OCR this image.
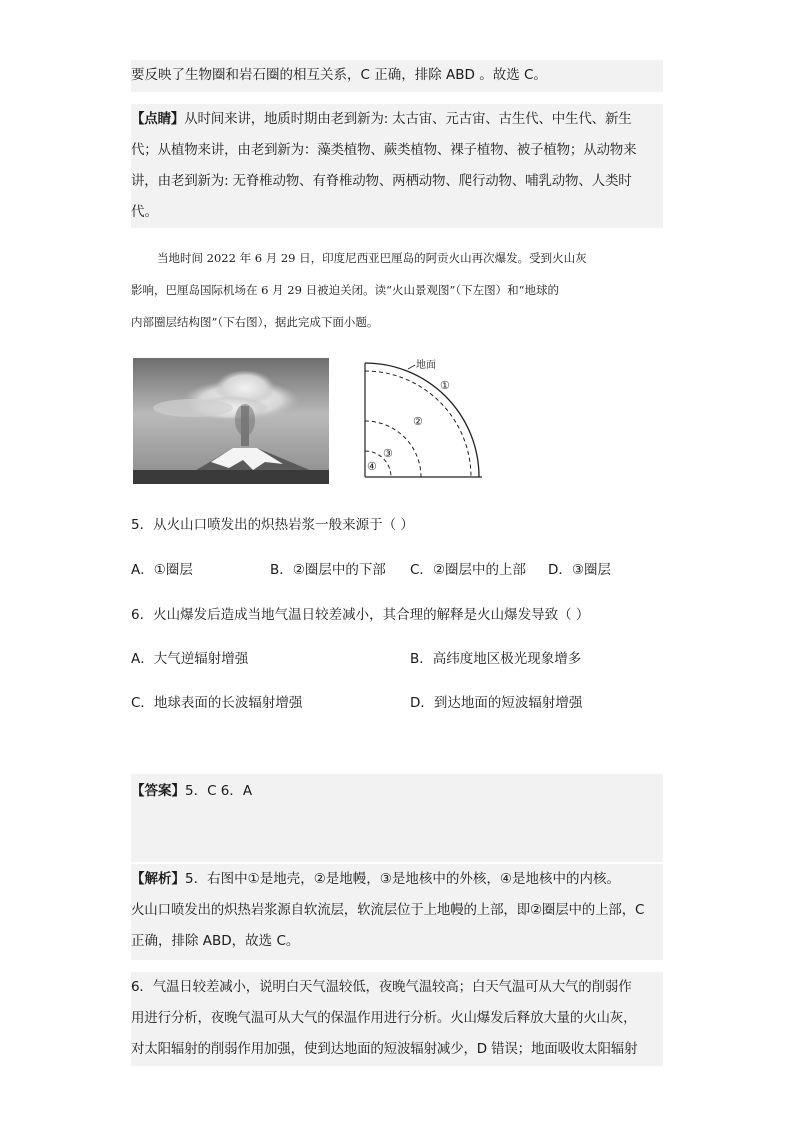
要反映了生物圈和岩石圈的相互关系，C 正确，排除 ABD 。故选 C。
【点睛】从时间来讲，地质时期由老到新为: 太古宙、元古宙、古生代、中生代、新生
代；从植物来讲，由老到新为：藻类植物、蕨类植物、裸子植物、被子植物；从动物来
讲，由老到新为: 无脊椎动物、有脊椎动物、两栖动物、爬行动物、哺乳动物、人类时
代。
当地时间 2022 年 6 月 29 日，印度尼西亚巴厘岛的阿贡火山再次爆发。受到火山灰
影响，巴厘岛国际机场在 6 月 29 日被迫关闭。读“火山景观图”（下左图）和“地球的
内部圈层结构图”（下右图），据此完成下面小题。
地面
①
②
③
④
5．从火山口喷发出的炽热岩浆一般来源于（ ）
A．①圈层	B．②圈层中的下部 C．②圈层中的上部 D．③圈层
6．火山爆发后造成当地气温日较差减小，其合理的解释是火山爆发导致（ ）
A．大气逆辐射增强	B．高纬度地区极光现象增多
C．地球表面的长波辐射增强	D．到达地面的短波辐射增强
【答案】5．C 6．A
【解析】5．右图中①是地壳，②是地幔，③是地核中的外核，④是地核中的内核。
火山口喷发出的炽热岩浆源自软流层，软流层位于上地幔的上部，即②圈层中的上部，C
正确，排除 ABD，故选 C。
6．气温日较差减小，说明白天气温较低，夜晚气温较高；白天气温可从大气的削弱作
用进行分析，夜晚气温可从大气的保温作用进行分析。火山爆发后释放大量的火山灰，
对太阳辐射的削弱作用加强，使到达地面的短波辐射减少，D 错误；地面吸收太阳辐射
